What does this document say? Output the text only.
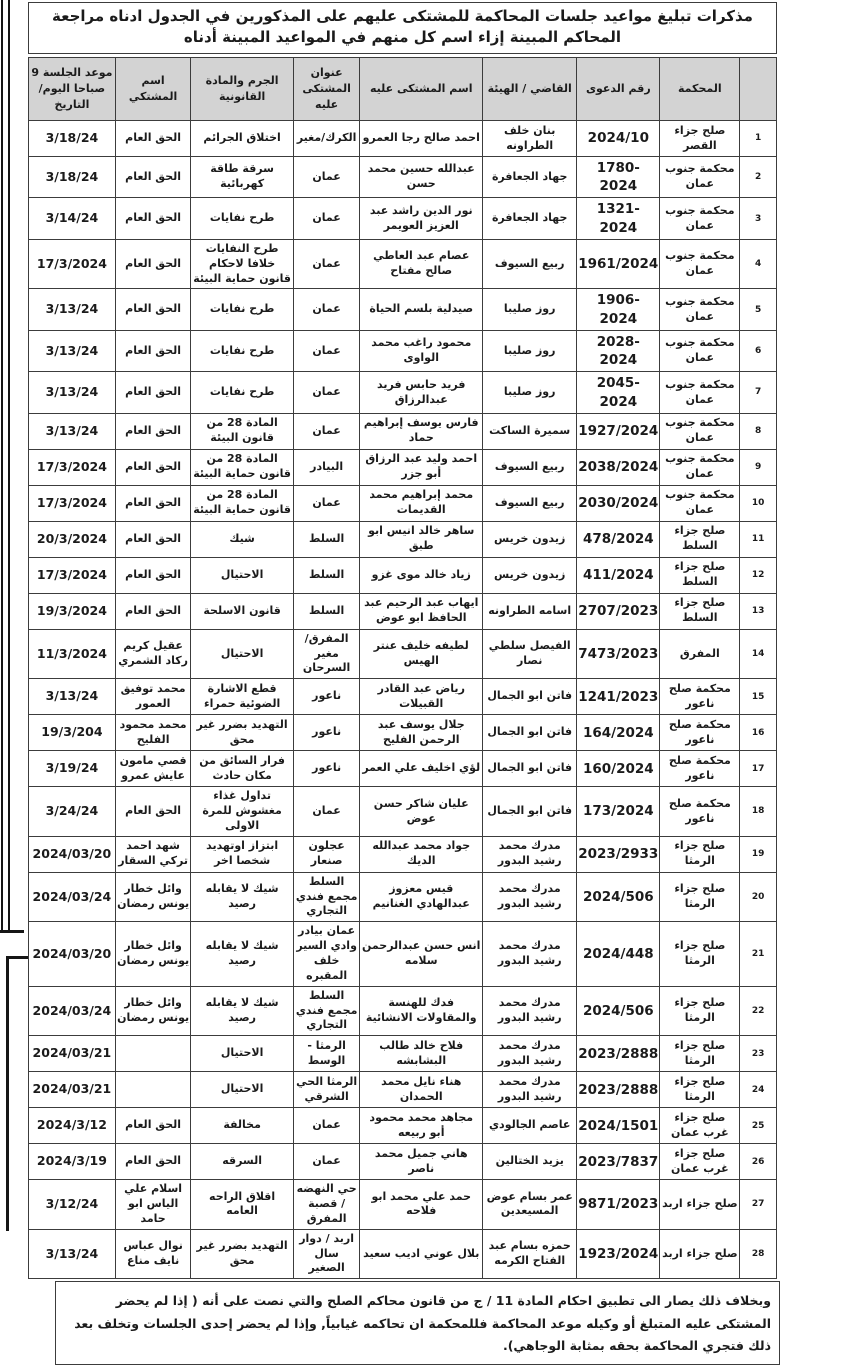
مذكرات تبليغ مواعيد جلسات المحاكمة للمشتكى عليهم على المذكورين في الجدول ادناه مراجعة المحاكم المبينة إزاء اسم كل منهم في المواعيد المبينة أدناه
	المحكمة	رقم الدعوى	القاضي / الهيئة	اسم المشتكى عليه	عنوان المشتكى عليه	الجرم والمادة القانونية	اسم المشتكي	موعد الجلسة 9 صباحا اليوم/التاريخ
1	صلح جزاء القصر	2024/10	بنان خلف الطراونه	احمد صالح رجا العمرو	الكرك/مغير	اختلاق الجرائم	الحق العام	3/18/24
2	محكمة جنوب عمان	1780-2024	جهاد الجعافرة	عبدالله حسين محمد حسن	عمان	سرقة طاقة كهربائية	الحق العام	3/18/24
3	محكمة جنوب عمان	1321-2024	جهاد الجعافرة	نور الدين راشد عبد العزيز العويمر	عمان	طرح نفايات	الحق العام	3/14/24
4	محكمة جنوب عمان	1961/2024	ربيع السيوف	عصام عبد العاطي صالح مفتاح	عمان	طرح النفايات خلافا لاحكام قانون حماية البيئة	الحق العام	17/3/2024
5	محكمة جنوب عمان	1906-2024	روز صليبا	صيدلية بلسم الحياة	عمان	طرح نفايات	الحق العام	3/13/24
6	محكمة جنوب عمان	2028-2024	روز صليبا	محمود راغب محمد الواوى	عمان	طرح نفايات	الحق العام	3/13/24
7	محكمة جنوب عمان	2045-2024	روز صليبا	فريد حابس فريد عبدالرزاق	عمان	طرح نفايات	الحق العام	3/13/24
8	محكمة جنوب عمان	1927/2024	سميرة الساكت	فارس يوسف إبراهيم حماد	عمان	المادة 28 من قانون البيئة	الحق العام	3/13/24
9	محكمة جنوب عمان	2038/2024	ربيع السيوف	احمد وليد عبد الرزاق أبو جزر	البيادر	المادة 28 من قانون حماية البيئة	الحق العام	17/3/2024
10	محكمة جنوب عمان	2030/2024	ربيع السيوف	محمد إبراهيم محمد القديمات	عمان	المادة 28 من قانون حماية البيئة	الحق العام	17/3/2024
11	صلح جزاء السلط	478/2024	زيدون خريس	ساهر خالد انيس ابو طبق	السلط	شيك	الحق العام	20/3/2024
12	صلح جزاء السلط	411/2024	زيدون خريس	زياد خالد موى غزو	السلط	الاحتيال	الحق العام	17/3/2024
13	صلح جزاء السلط	2707/2023	اسامه الطراونه	ايهاب عبد الرحيم عبد الحافظ ابو عوض	السلط	قانون الاسلحة	الحق العام	19/3/2024
14	المفرق	7473/2023	الفيصل سلطي نصار	لطيفه خليف عنتر الهيس	المفرق/مغير السرحان	الاحتيال	عقيل كريم ركاد الشمري	11/3/2024
15	محكمة صلح ناعور	1241/2023	فاتن ابو الجمال	رياض عبد القادر القبيلات	ناعور	قطع الاشارة الضوئية حمراء	محمد توفيق العمور	3/13/24
16	محكمة صلح ناعور	164/2024	فاتن ابو الجمال	جلال يوسف عبد الرحمن الفليح	ناعور	التهديد بضرر غير محق	محمد محمود الفليح	19/3/204
17	محكمة صلح ناعور	160/2024	فاتن ابو الجمال	لؤي اخليف علي العمر	ناعور	فرار السائق من مكان حادث	قصي مامون عايش عمرو	3/19/24
18	محكمة صلح ناعور	173/2024	فاتن ابو الجمال	عليان شاكر حسن عوض	عمان	تداول غذاء مغشوش للمرة الاولى	الحق العام	3/24/24
19	صلح جزاء الرمثا	2023/2933	مدرك محمد رشيد البدور	جواد محمد عبدالله الديك	عجلون صنعار	ابتزاز اوتهديد شخصا اخر	شهد احمد تركي السقار	2024/03/20
20	صلح جزاء الرمثا	2024/506	مدرك محمد رشيد البدور	قيس معزوز عبدالهادي الغنانيم	السلط مجمع فندي التجاري	شيك لا يقابله رصيد	وائل خطار يونس رمضان	2024/03/24
21	صلح جزاء الرمثا	2024/448	مدرك محمد رشيد البدور	انس حسن عبدالرحمن سلامه	عمان بيادر وادي السير خلف المقبره	شيك لا يقابله رصيد	وائل خطار يونس رمضان	2024/03/20
22	صلح جزاء الرمثا	2024/506	مدرك محمد رشيد البدور	فدك للهنسة والمقاولات الانشائية	السلط مجمع فندي التجاري	شيك لا يقابله رصيد	وائل خطار يونس رمضان	2024/03/24
23	صلح جزاء الرمثا	2023/2888	مدرك محمد رشيد البدور	فلاح خالد طالب البشابشه	الرمثا - الوسط	الاحتيال		2024/03/21
24	صلح جزاء الرمثا	2023/2888	مدرك محمد رشيد البدور	هناء نايل محمد الحمدان	الرمثا الحي الشرقي	الاحتيال		2024/03/21
25	صلح جزاء غرب عمان	2024/1501	عاصم الجالودي	مجاهد محمد محمود أبو ربيعه	عمان	مخالفة	الحق العام	2024/3/12
26	صلح جزاء غرب عمان	2023/7837	يزيد الختالين	هاني جميل محمد ناصر	عمان	السرقه	الحق العام	2024/3/19
27	صلح جزاء اربد	9871/2023	عمر بسام عوض المسيعدين	حمد علي محمد ابو فلاحه	حي النهضه / قصبة المفرق	اقلاق الراحه العامه	اسلام علي الياس ابو حامد	3/12/24
28	صلح جزاء اربد	1923/2024	حمزه بسام عبد الفتاح الكرمه	بلال عوني اديب سعيد	اربد / دوار سال الصغير	التهديد بضرر غير محق	نوال عباس نايف مناع	3/13/24
وبخلاف ذلك يصار الى تطبيق احكام المادة 11 / ج من قانون محاكم الصلح والتي نصت على أنه ( إذا لم يحضر المشتكى عليه المتبلغ أو وكيله موعد المحاكمة فللمحكمة ان تحاكمه غيابياً, وإذا لم يحضر إحدى الجلسات وتخلف بعد ذلك فتجري المحاكمة بحقه بمثابة الوجاهي).
